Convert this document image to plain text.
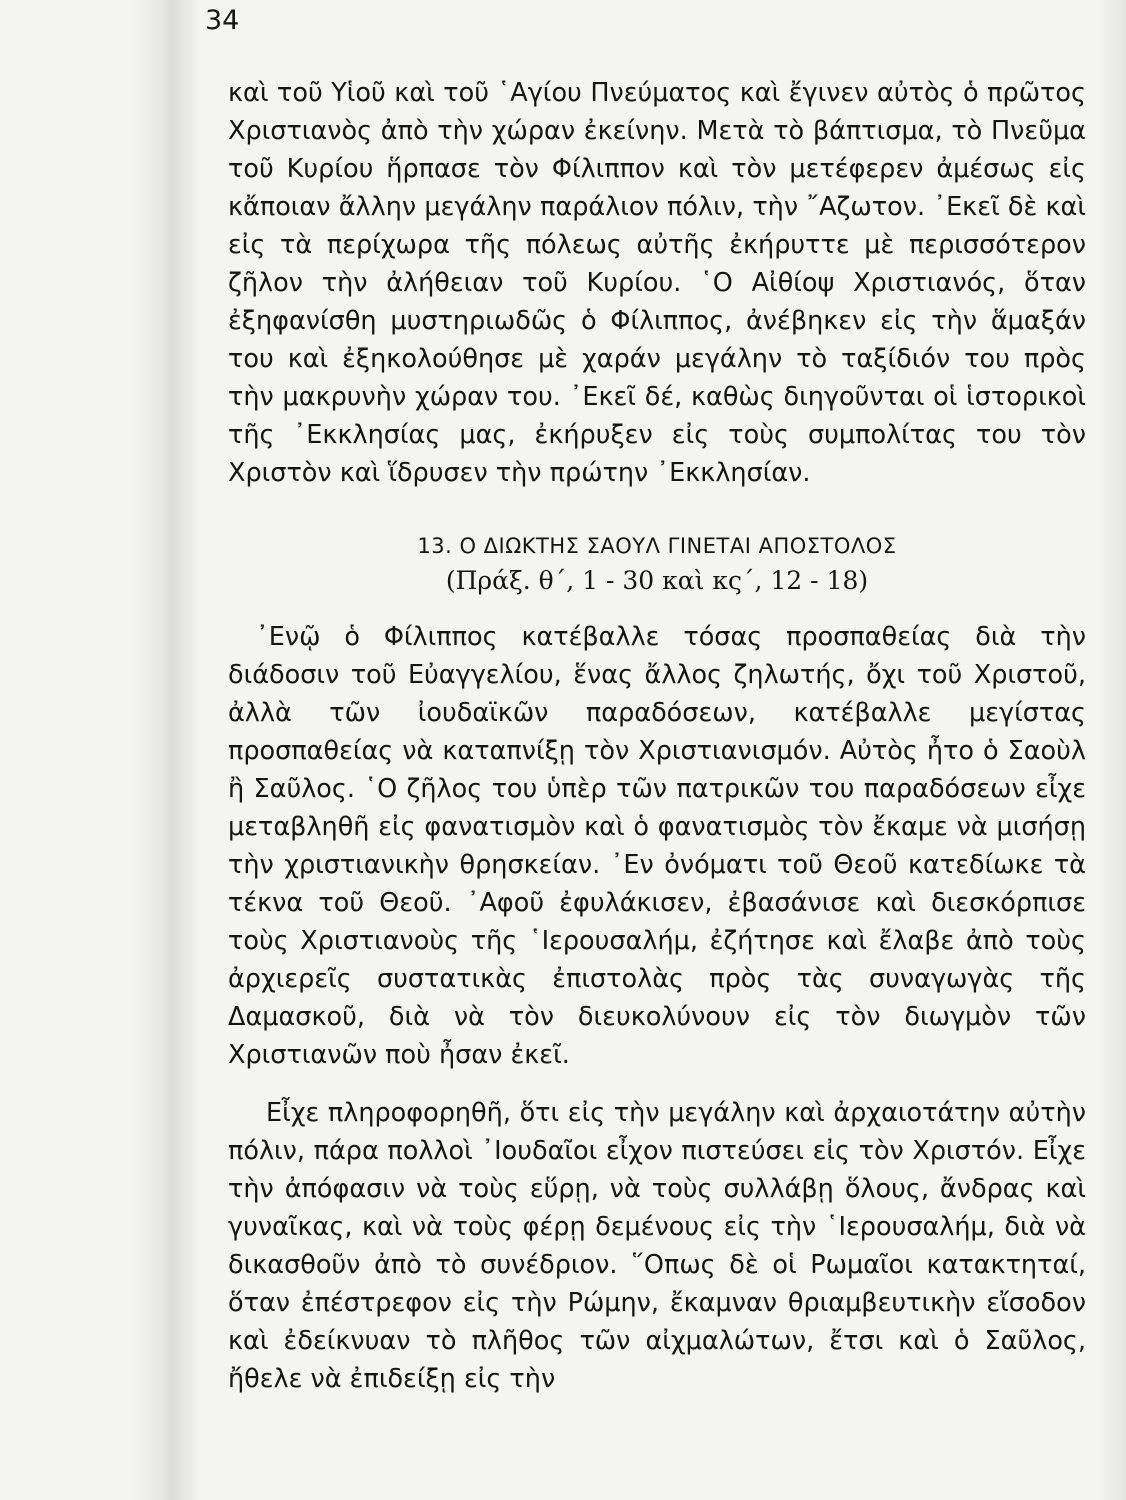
34

καὶ τοῦ Υἱοῦ καὶ τοῦ ῾Αγίου Πνεύματος καὶ ἔγινεν αὐτὸς ὁ πρῶτος Χριστιανὸς ἀπὸ τὴν χώραν ἐκείνην. Μετὰ τὸ βάπτισμα, τὸ Πνεῦμα τοῦ Κυρίου ἥρπασε τὸν Φίλιππον καὶ τὸν μετέφερεν ἀμέσως εἰς κἄποιαν ἄλλην μεγάλην παράλιον πόλιν, τὴν ῎Αζωτον. ᾿Εκεῖ δὲ καὶ εἰς τὰ περίχωρα τῆς πόλεως αὐτῆς ἐκήρυττε μὲ περισσότερον ζῆλον τὴν ἀλήθειαν τοῦ Κυρίου. ῾Ο Αἰθίοψ Χριστιανός, ὅταν ἐξηφανίσθη μυστηριωδῶς ὁ Φίλιππος, ἀνέβηκεν εἰς τὴν ἅμαξάν του καὶ ἐξηκολούθησε μὲ χαράν μεγάλην τὸ ταξίδιόν του πρὸς τὴν μακρυνὴν χώραν του. ᾿Εκεῖ δέ, καθὼς διηγοῦνται οἱ ἱστορικοὶ τῆς ᾿Εκκλησίας μας, ἐκήρυξεν εἰς τοὺς συμπολίτας του τὸν Χριστὸν καὶ ἵδρυσεν τὴν πρώτην ᾿Εκκλησίαν.

13. Ο ΔΙΩΚΤΗΣ ΣΑΟΥΛ ΓΙΝΕΤΑΙ ΑΠΟΣΤΟΛΟΣ
(Πράξ. θ΄, 1 - 30 καὶ κς΄, 12 - 18)

᾿Ενῷ ὁ Φίλιππος κατέβαλλε τόσας προσπαθείας διὰ τὴν διάδοσιν τοῦ Εὐαγγελίου, ἕνας ἄλλος ζηλωτής, ὄχι τοῦ Χριστοῦ, ἀλλὰ τῶν ἰουδαϊκῶν παραδόσεων, κατέβαλλε μεγίστας προσπαθείας νὰ καταπνίξῃ τὸν Χριστιανισμόν. Αὐτὸς ἦτο ὁ Σαοὺλ ἢ Σαῦλος. ῾Ο ζῆλος του ὑπὲρ τῶν πατρικῶν του παραδόσεων εἶχε μεταβληθῆ εἰς φανατισμὸν καὶ ὁ φανατισμὸς τὸν ἔκαμε νὰ μισήσῃ τὴν χριστιανικὴν θρησκείαν. ᾿Εν ὀνόματι τοῦ Θεοῦ κατεδίωκε τὰ τέκνα τοῦ Θεοῦ. ᾿Αφοῦ ἐφυλάκισεν, ἐβασάνισε καὶ διεσκόρπισε τοὺς Χριστιανοὺς τῆς ῾Ιερουσαλήμ, ἐζήτησε καὶ ἔλαβε ἀπὸ τοὺς ἀρχιερεῖς συστατικὰς ἐπιστολὰς πρὸς τὰς συναγωγὰς τῆς Δαμασκοῦ, διὰ νὰ τὸν διευκολύνουν εἰς τὸν διωγμὸν τῶν Χριστιανῶν ποὺ ἦσαν ἐκεῖ.

Εἶχε πληροφορηθῆ, ὅτι εἰς τὴν μεγάλην καὶ ἀρχαιοτάτην αὐτὴν πόλιν, πάρα πολλοὶ ᾿Ιουδαῖοι εἶχον πιστεύσει εἰς τὸν Χριστόν. Εἶχε τὴν ἀπόφασιν νὰ τοὺς εὕρῃ, νὰ τοὺς συλλάβῃ ὅλους, ἄνδρας καὶ γυναῖκας, καὶ νὰ τοὺς φέρῃ δεμένους εἰς τὴν ῾Ιερουσαλήμ, διὰ νὰ δικασθοῦν ἀπὸ τὸ συνέδριον. ῞Οπως δὲ οἱ Ρωμαῖοι κατακτηταί, ὅταν ἐπέστρεφον εἰς τὴν Ρώμην, ἔκαμναν θριαμβευτικὴν εἴσοδον καὶ ἐδείκνυαν τὸ πλῆθος τῶν αἰχμαλώτων, ἔτσι καὶ ὁ Σαῦλος, ἤθελε νὰ ἐπιδείξῃ εἰς τὴν
